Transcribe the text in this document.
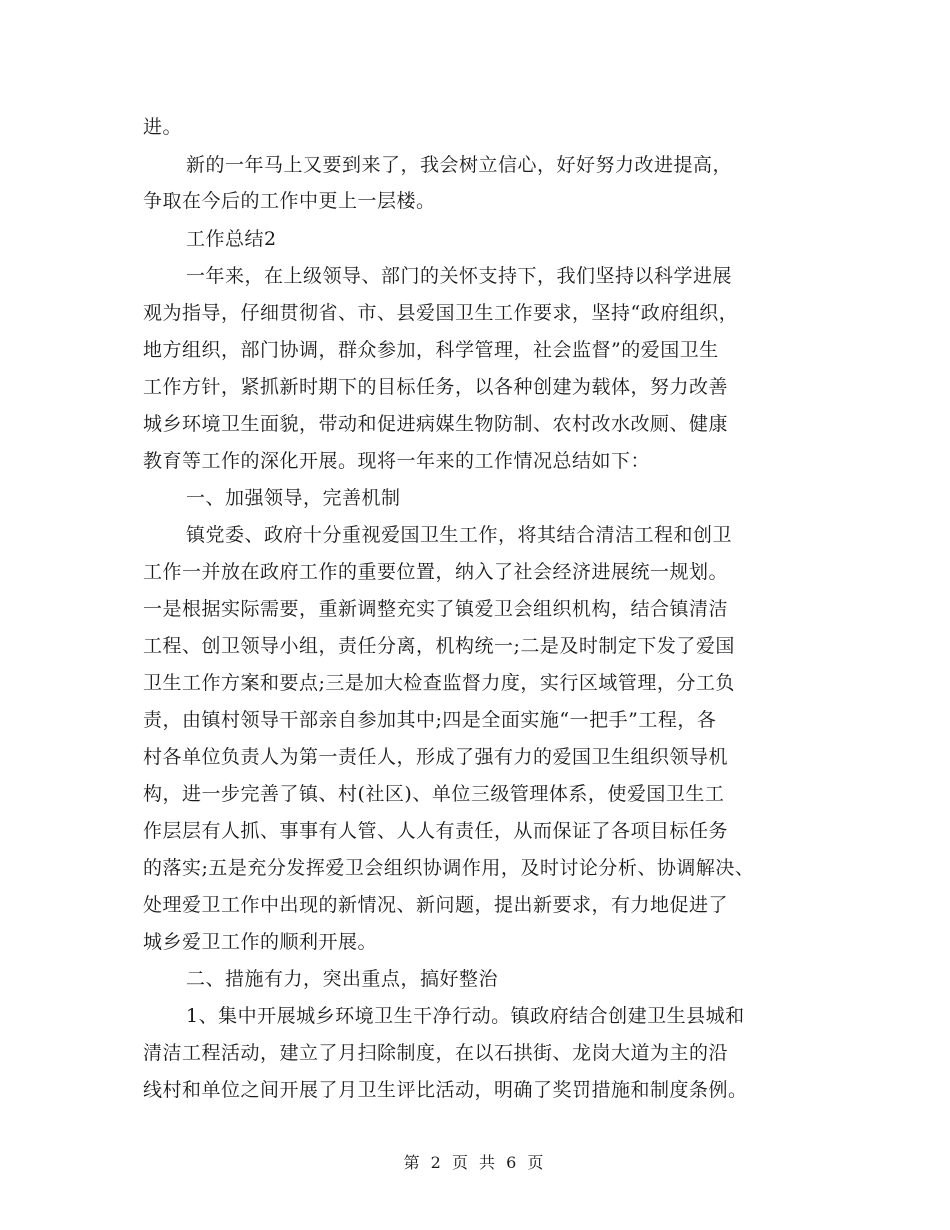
进。
新的一年马上又要到来了，我会树立信心，好好努力改进提高，
争取在今后的工作中更上一层楼。
工作总结2
一年来，在上级领导、部门的关怀支持下，我们坚持以科学进展
观为指导，仔细贯彻省、市、县爱国卫生工作要求，坚持“政府组织，
地方组织，部门协调，群众参加，科学管理，社会监督”的爱国卫生
工作方针，紧抓新时期下的目标任务，以各种创建为载体，努力改善
城乡环境卫生面貌，带动和促进病媒生物防制、农村改水改厕、健康
教育等工作的深化开展。现将一年来的工作情况总结如下：
一、加强领导，完善机制
镇党委、政府十分重视爱国卫生工作，将其结合清洁工程和创卫
工作一并放在政府工作的重要位置，纳入了社会经济进展统一规划。
一是根据实际需要，重新调整充实了镇爱卫会组织机构，结合镇清洁
工程、创卫领导小组，责任分离，机构统一;二是及时制定下发了爱国
卫生工作方案和要点;三是加大检查监督力度，实行区域管理，分工负
责，由镇村领导干部亲自参加其中;四是全面实施“一把手”工程，各
村各单位负责人为第一责任人，形成了强有力的爱国卫生组织领导机
构，进一步完善了镇、村(社区)、单位三级管理体系，使爱国卫生工
作层层有人抓、事事有人管、人人有责任，从而保证了各项目标任务
的落实;五是充分发挥爱卫会组织协调作用，及时讨论分析、协调解决、
处理爱卫工作中出现的新情况、新问题，提出新要求，有力地促进了
城乡爱卫工作的顺利开展。
二、措施有力，突出重点，搞好整治
1、集中开展城乡环境卫生干净行动。镇政府结合创建卫生县城和
清洁工程活动，建立了月扫除制度，在以石拱街、龙岗大道为主的沿
线村和单位之间开展了月卫生评比活动，明确了奖罚措施和制度条例。
第 2 页 共 6 页
